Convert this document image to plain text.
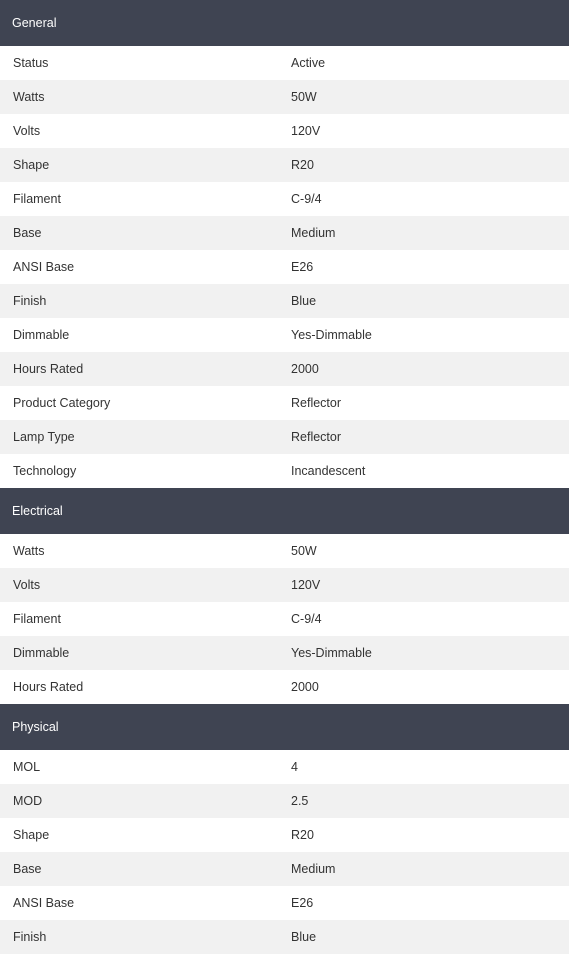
General
Status	Active
Watts	50W
Volts	120V
Shape	R20
Filament	C-9/4
Base	Medium
ANSI Base	E26
Finish	Blue
Dimmable	Yes-Dimmable
Hours Rated	2000
Product Category	Reflector
Lamp Type	Reflector
Technology	Incandescent
Electrical
Watts	50W
Volts	120V
Filament	C-9/4
Dimmable	Yes-Dimmable
Hours Rated	2000
Physical
MOL	4
MOD	2.5
Shape	R20
Base	Medium
ANSI Base	E26
Finish	Blue
